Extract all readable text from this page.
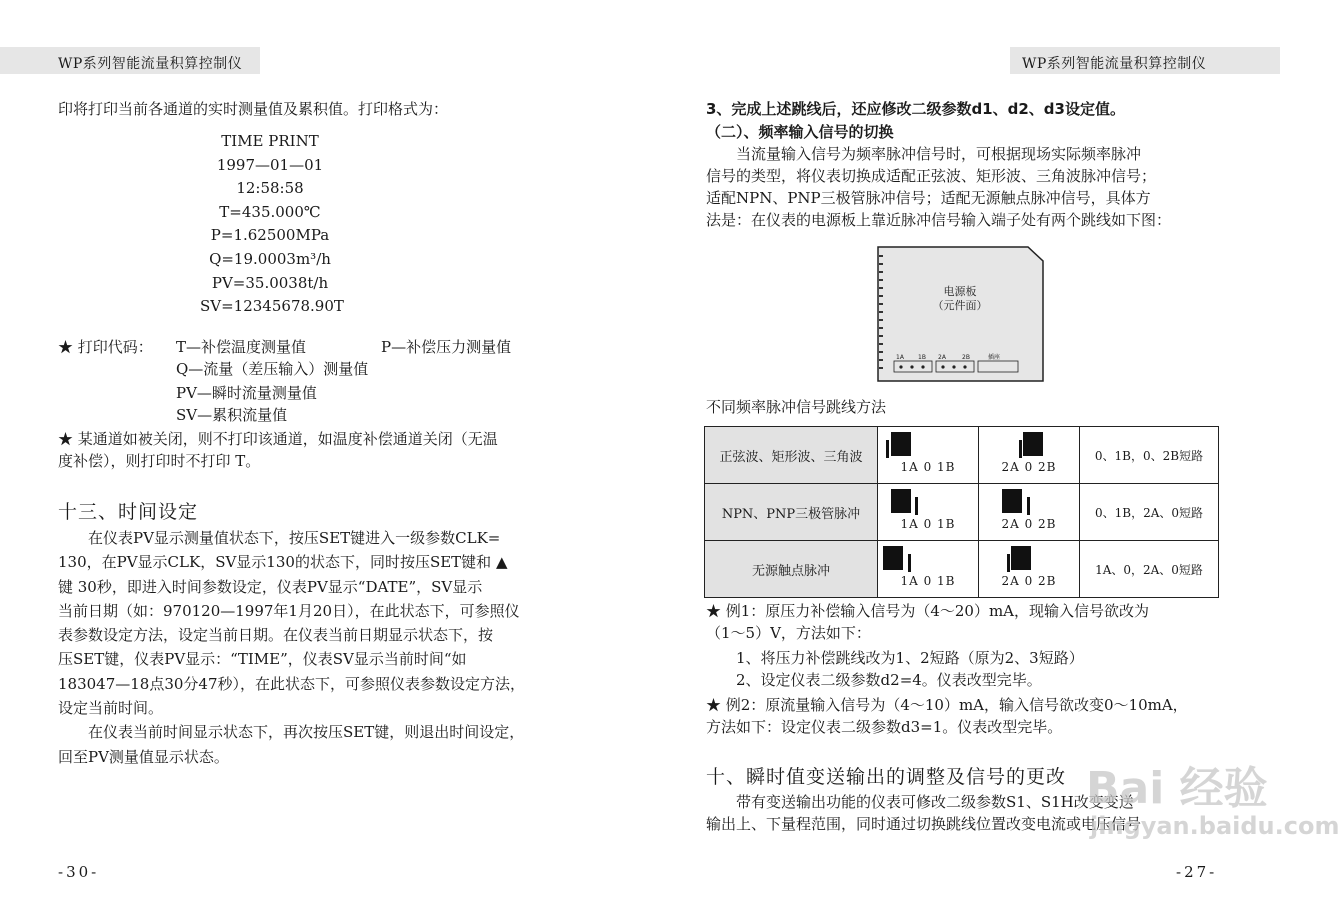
WP系列智能流量积算控制仪	WP系列智能流量积算控制仪
印将打印当前各通道的实时测量值及累积值。打印格式为：
TIME PRINT
1997—01—01
12:58:58
T=435.000℃
P=1.62500MPa
Q=19.0003m³/h
PV=35.0038t/h
SV=12345678.90T
★ 打印代码： T—补偿温度测量值	P—补偿压力测量值
Q—流量（差压输入）测量值
PV—瞬时流量测量值
SV—累积流量值
★ 某通道如被关闭，则不打印该通道，如温度补偿通道关闭（无温
度补偿），则打印时不打印 T。
十三、时间设定
　　在仪表PV显示测量值状态下，按压SET键进入一级参数CLK=
130，在PV显示CLK，SV显示130的状态下，同时按压SET键和 ▲
键 30秒，即进入时间参数设定，仪表PV显示“DATE”，SV显示
当前日期（如：970120—1997年1月20日），在此状态下，可参照仪
表参数设定方法，设定当前日期。在仪表当前日期显示状态下，按
压SET键，仪表PV显示：“TIME”，仪表SV显示当前时间“如
183047—18点30分47秒），在此状态下，可参照仪表参数设定方法，
设定当前时间。
　　在仪表当前时间显示状态下，再次按压SET键，则退出时间设定，
回至PV测量值显示状态。
-30-
3、完成上述跳线后，还应修改二级参数d1、d2、d3设定值。
（二）、频率输入信号的切换
　　当流量输入信号为频率脉冲信号时，可根据现场实际频率脉冲
信号的类型，将仪表切换成适配正弦波、矩形波、三角波脉冲信号；
适配NPN、PNP三极管脉冲信号；适配无源触点脉冲信号，具体方
法是：在仪表的电源板上靠近脉冲信号输入端子处有两个跳线如下图：
电源板
（元件面）
1A 1B 2A	2B	插座
不同频率脉冲信号跳线方法
正弦波、矩形波、三角波	1A 0 1B	2A 0 2B	0、1B，0、2B短路
NPN、PNP三极管脉冲	1A 0 1B	2A 0 2B	0、1B，2A、0短路
无源触点脉冲	1A 0 1B	2A 0 2B	1A、0，2A、0短路
★ 例1：原压力补偿输入信号为（4～20）mA，现输入信号欲改为
（1～5）V，方法如下：
1、将压力补偿跳线改为1、2短路（原为2、3短路）
2、设定仪表二级参数d2=4。仪表改型完毕。
★ 例2：原流量输入信号为（4～10）mA，输入信号欲改变0～10mA，
方法如下：设定仪表二级参数d3=1。仪表改型完毕。
十、瞬时值变送输出的调整及信号的更改
　　带有变送输出功能的仪表可修改二级参数S1、S1H改变变送
输出上、下量程范围，同时通过切换跳线位置改变电流或电压信号
Bai 经验
jingyan.baidu.com
-27-
